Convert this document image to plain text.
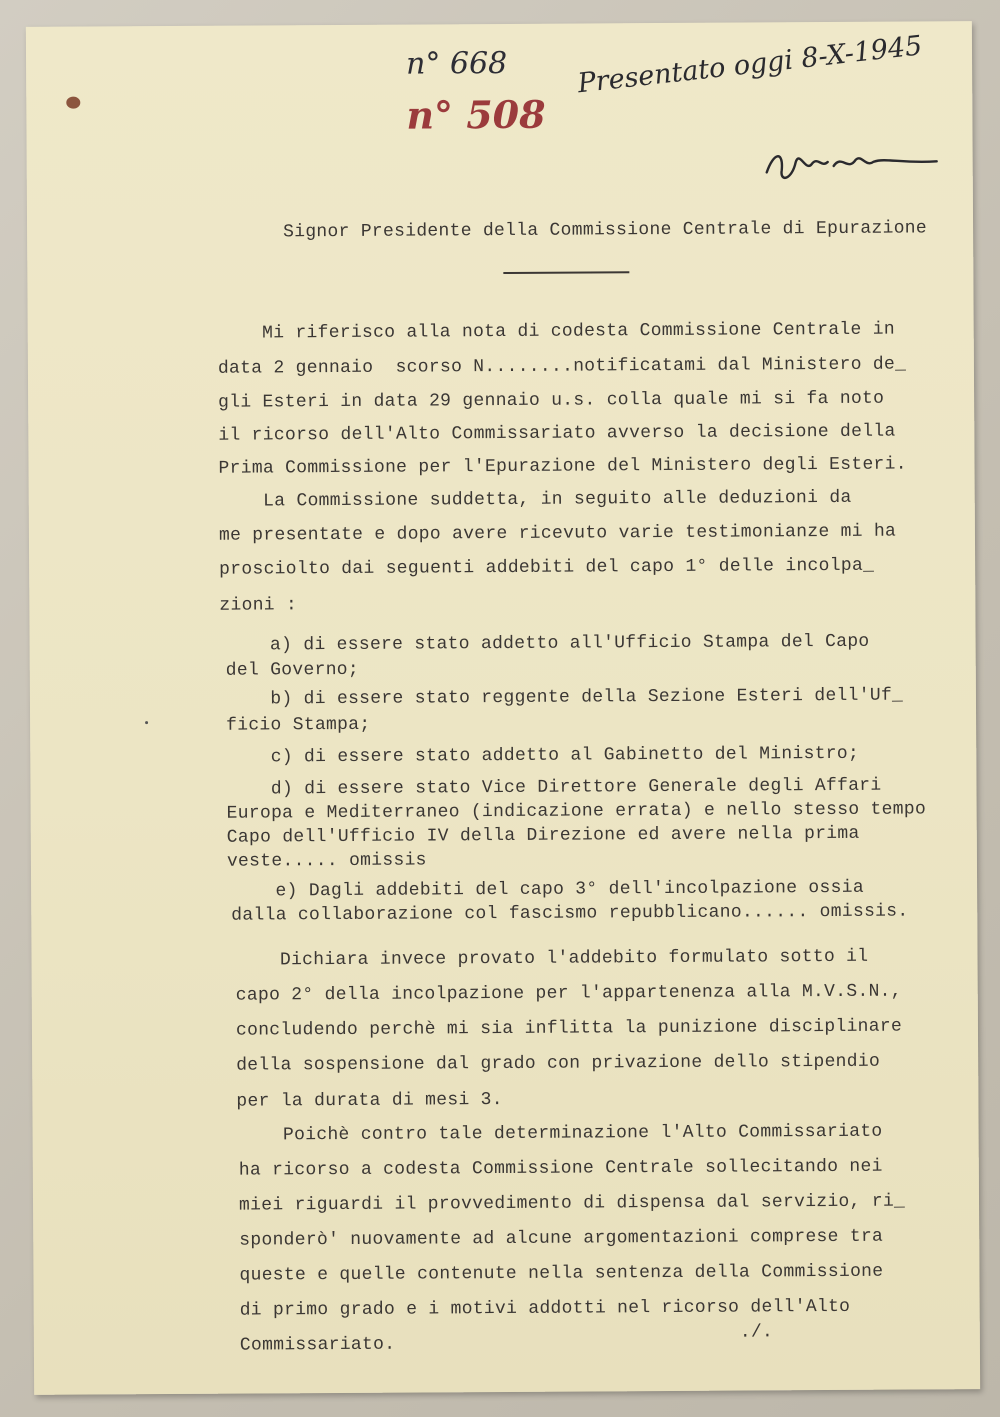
n° 668
n° 508
Presentato oggi 8-X-1945
Signor Presidente della Commissione Centrale di Epurazione
Mi riferisco alla nota di codesta Commissione Centrale in
data 2 gennaio  scorso N........notificatami dal Ministero de_
gli Esteri in data 29 gennaio u.s. colla quale mi si fa noto
il ricorso dell'Alto Commissariato avverso la decisione della
Prima Commissione per l'Epurazione del Ministero degli Esteri.
La Commissione suddetta, in seguito alle deduzioni da
me presentate e dopo avere ricevuto varie testimonianze mi ha
prosciolto dai seguenti addebiti del capo 1° delle incolpa_
zioni :
a) di essere stato addetto all'Ufficio Stampa del Capo
del Governo;
b) di essere stato reggente della Sezione Esteri dell'Uf_
ficio Stampa;
c) di essere stato addetto al Gabinetto del Ministro;
d) di essere stato Vice Direttore Generale degli Affari
Europa e Mediterraneo (indicazione errata) e nello stesso tempo
Capo dell'Ufficio IV della Direzione ed avere nella prima
veste..... omissis
e) Dagli addebiti del capo 3° dell'incolpazione ossia
dalla collaborazione col fascismo repubblicano...... omissis.
Dichiara invece provato l'addebito formulato sotto il
capo 2° della incolpazione per l'appartenenza alla M.V.S.N.,
concludendo perchè mi sia inflitta la punizione disciplinare
della sospensione dal grado con privazione dello stipendio
per la durata di mesi 3.
Poichè contro tale determinazione l'Alto Commissariato
ha ricorso a codesta Commissione Centrale sollecitando nei
miei riguardi il provvedimento di dispensa dal servizio, ri_
sponderò' nuovamente ad alcune argomentazioni comprese tra
queste e quelle contenute nella sentenza della Commissione
di primo grado e i motivi addotti nel ricorso dell'Alto
Commissariato.
./.
